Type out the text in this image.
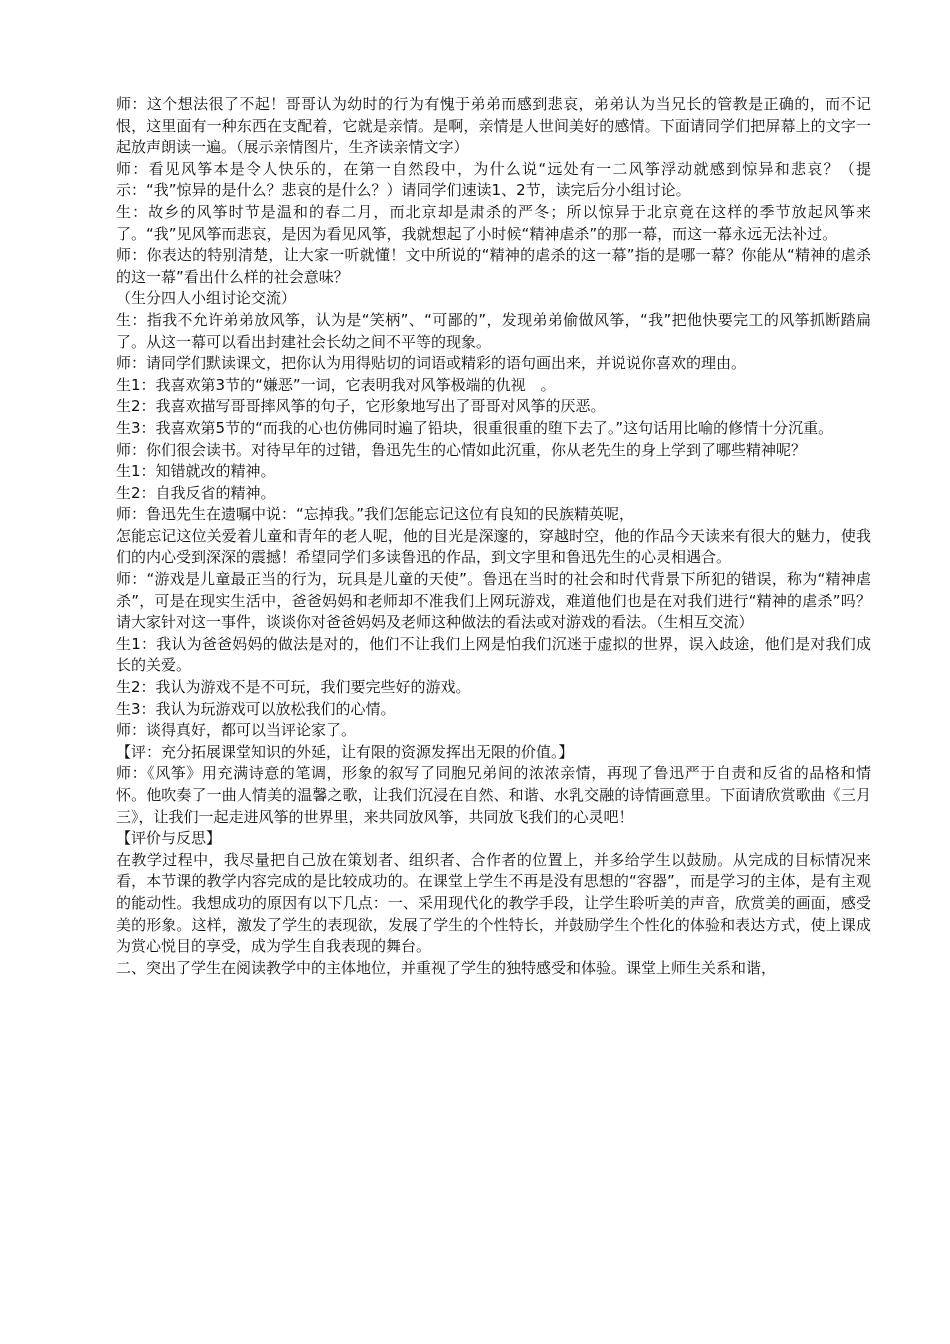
师：这个想法很了不起！哥哥认为幼时的行为有愧于弟弟而感到悲哀，弟弟认为当兄长的管教是正确的，而不记恨，这里面有一种东西在支配着，它就是亲情。是啊，亲情是人世间美好的感情。下面请同学们把屏幕上的文字一起放声朗读一遍。（展示亲情图片，生齐读亲情文字）

师：看见风筝本是令人快乐的，在第一自然段中，为什么说“远处有一二风筝浮动就感到惊异和悲哀？（提示：“我”惊异的是什么？悲哀的是什么？）请同学们速读1、2节，读完后分小组讨论。

生：故乡的风筝时节是温和的春二月，而北京却是肃杀的严冬；所以惊异于北京竟在这样的季节放起风筝来了。“我”见风筝而悲哀，是因为看见风筝，我就想起了小时候“精神虐杀”的那一幕，而这一幕永远无法补过。

师：你表达的特别清楚，让大家一听就懂！文中所说的“精神的虐杀的这一幕”指的是哪一幕？你能从“精神的虐杀的这一幕”看出什么样的社会意味？

（生分四人小组讨论交流）

生：指我不允许弟弟放风筝，认为是“笑柄”、“可鄙的”，发现弟弟偷做风筝，“我”把他快要完工的风筝抓断踏扁了。从这一幕可以看出封建社会长幼之间不平等的现象。

师：请同学们默读课文，把你认为用得贴切的词语或精彩的语句画出来，并说说你喜欢的理由。

生1：我喜欢第3节的“嫌恶”一词，它表明我对风筝极端的仇视　。

生2：我喜欢描写哥哥摔风筝的句子，它形象地写出了哥哥对风筝的厌恶。

生3：我喜欢第5节的“而我的心也仿佛同时遍了铅块，很重很重的堕下去了。”这句话用比喻的修情十分沉重。

师：你们很会读书。对待早年的过错，鲁迅先生的心情如此沉重，你从老先生的身上学到了哪些精神呢？

生1：知错就改的精神。

生2：自我反省的精神。

师：鲁迅先生在遗嘱中说：“忘掉我。”我们怎能忘记这位有良知的民族精英呢，

怎能忘记这位关爱着儿童和青年的老人呢，他的目光是深邃的，穿越时空，他的作品今天读来有很大的魅力，使我们的内心受到深深的震撼！希望同学们多读鲁迅的作品，到文字里和鲁迅先生的心灵相遇合。

师：“游戏是儿童最正当的行为，玩具是儿童的天使”。鲁迅在当时的社会和时代背景下所犯的错误，称为“精神虐杀”，可是在现实生活中，爸爸妈妈和老师却不准我们上网玩游戏，难道他们也是在对我们进行“精神的虐杀”吗？请大家针对这一事件，谈谈你对爸爸妈妈及老师这种做法的看法或对游戏的看法。（生相互交流）

生1：我认为爸爸妈妈的做法是对的，他们不让我们上网是怕我们沉迷于虚拟的世界，误入歧途，他们是对我们成长的关爱。

生2：我认为游戏不是不可玩，我们要完些好的游戏。

生3：我认为玩游戏可以放松我们的心情。

师：谈得真好，都可以当评论家了。

【评：充分拓展课堂知识的外延，让有限的资源发挥出无限的价值。】

师：《风筝》用充满诗意的笔调，形象的叙写了同胞兄弟间的浓浓亲情，再现了鲁迅严于自责和反省的品格和情怀。他吹奏了一曲人情美的温馨之歌，让我们沉浸在自然、和谐、水乳交融的诗情画意里。下面请欣赏歌曲《三月三》，让我们一起走进风筝的世界里，来共同放风筝，共同放飞我们的心灵吧！

【评价与反思】

在教学过程中，我尽量把自己放在策划者、组织者、合作者的位置上，并多给学生以鼓励。从完成的目标情况来看，本节课的教学内容完成的是比较成功的。在课堂上学生不再是没有思想的“容器”，而是学习的主体，是有主观的能动性。我想成功的原因有以下几点：一、采用现代化的教学手段，让学生聆听美的声音，欣赏美的画面，感受美的形象。这样，激发了学生的表现欲，发展了学生的个性特长，并鼓励学生个性化的体验和表达方式，使上课成为赏心悦目的享受，成为学生自我表现的舞台。

二、突出了学生在阅读教学中的主体地位，并重视了学生的独特感受和体验。课堂上师生关系和谐，
